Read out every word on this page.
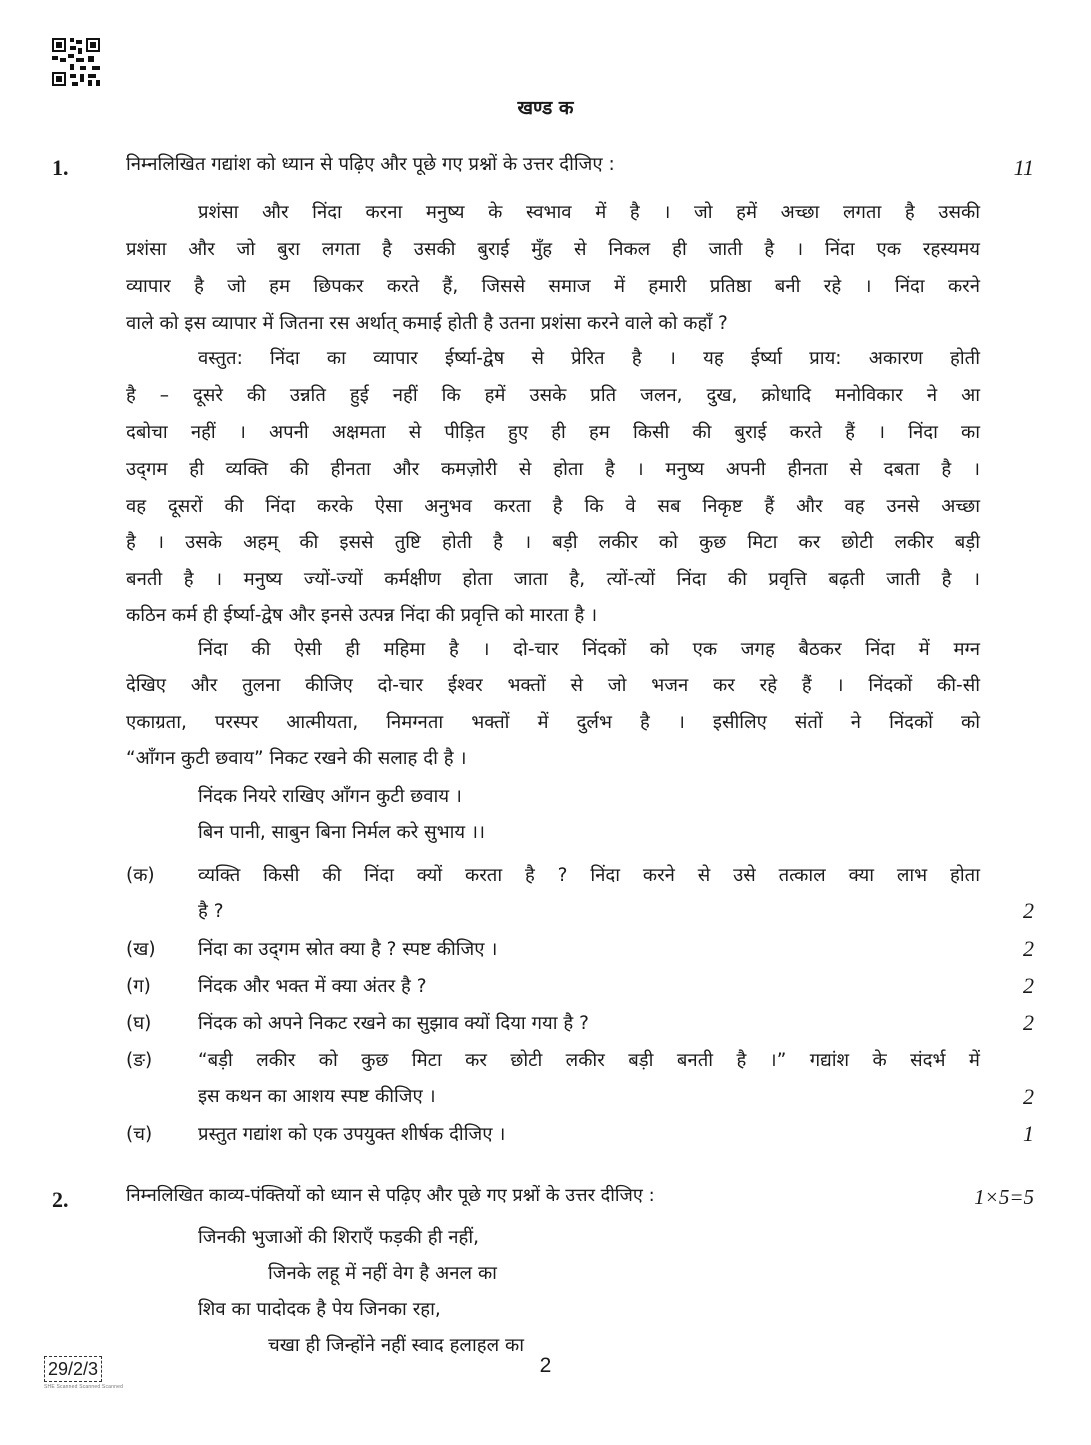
खण्ड क
1.	निम्नलिखित गद्यांश को ध्यान से पढ़िए और पूछे गए प्रश्नों के उत्तर दीजिए :	11
प्रशंसा और निंदा करना मनुष्य के स्वभाव में है । जो हमें अच्छा लगता है उसकी
प्रशंसा और जो बुरा लगता है उसकी बुराई मुँह से निकल ही जाती है । निंदा एक रहस्यमय
व्यापार है जो हम छिपकर करते हैं, जिससे समाज में हमारी प्रतिष्ठा बनी रहे । निंदा करने
वाले को इस व्यापार में जितना रस अर्थात् कमाई होती है उतना प्रशंसा करने वाले को कहाँ ?
वस्तुत: निंदा का व्यापार ईर्ष्या-द्वेष से प्रेरित है । यह ईर्ष्या प्राय: अकारण होती
है – दूसरे की उन्नति हुई नहीं कि हमें उसके प्रति जलन, दुख, क्रोधादि मनोविकार ने आ
दबोचा नहीं । अपनी अक्षमता से पीड़ित हुए ही हम किसी की बुराई करते हैं । निंदा का
उद्‌गम ही व्यक्ति की हीनता और कमज़ोरी से होता है । मनुष्य अपनी हीनता से दबता है ।
वह दूसरों की निंदा करके ऐसा अनुभव करता है कि वे सब निकृष्ट हैं और वह उनसे अच्छा
है । उसके अहम् की इससे तुष्टि होती है । बड़ी लकीर को कुछ मिटा कर छोटी लकीर बड़ी
बनती है । मनुष्य ज्यों-ज्यों कर्मक्षीण होता जाता है, त्यों-त्यों निंदा की प्रवृत्ति बढ़ती जाती है ।
कठिन कर्म ही ईर्ष्या-द्वेष और इनसे उत्पन्न निंदा की प्रवृत्ति को मारता है ।
निंदा की ऐसी ही महिमा है । दो-चार निंदकों को एक जगह बैठकर निंदा में मग्न
देखिए और तुलना कीजिए दो-चार ईश्वर भक्तों से जो भजन कर रहे हैं । निंदकों की-सी
एकाग्रता, परस्पर आत्मीयता, निमग्नता भक्तों में दुर्लभ है । इसीलिए संतों ने निंदकों को
“आँगन कुटी छवाय” निकट रखने की सलाह दी है ।
निंदक नियरे राखिए आँगन कुटी छवाय ।
बिन पानी, साबुन बिना निर्मल करे सुभाय ।।
(क) व्यक्ति किसी की निंदा क्यों करता है ? निंदा करने से उसे तत्काल क्या लाभ होता
है ?	2
(ख) निंदा का उद्‌गम स्रोत क्या है ? स्पष्ट कीजिए ।	2
(ग)	निंदक और भक्त में क्या अंतर है ?	2
(घ)	निंदक को अपने निकट रखने का सुझाव क्यों दिया गया है ?	2
(ङ) “बड़ी लकीर को कुछ मिटा कर छोटी लकीर बड़ी बनती है ।” गद्यांश के संदर्भ में
इस कथन का आशय स्पष्ट कीजिए ।	2
(च) प्रस्तुत गद्यांश को एक उपयुक्त शीर्षक दीजिए ।	1
2.	निम्नलिखित काव्य-पंक्तियों को ध्यान से पढ़िए और पूछे गए प्रश्नों के उत्तर दीजिए :	1×5=5
जिनकी भुजाओं की शिराएँ फड़की ही नहीं,
जिनके लहू में नहीं वेग है अनल का
शिव का पादोदक है पेय जिनका रहा,
चखा ही जिन्होंने नहीं स्वाद हलाहल का
29/2/3
SHE Scanned Scanned Scanned
2
